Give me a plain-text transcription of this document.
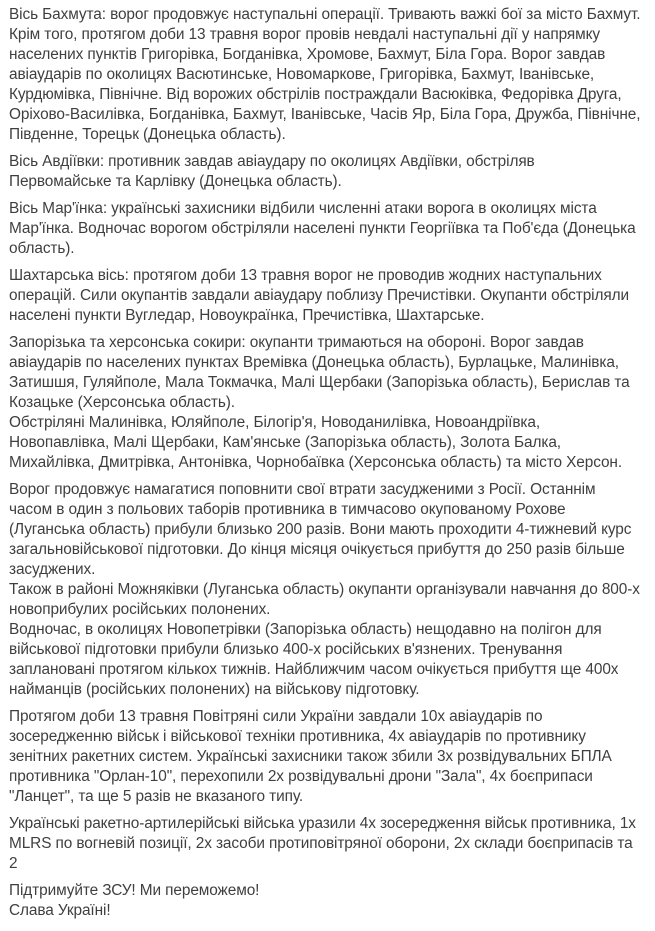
Вісь Бахмута: ворог продовжує наступальні операції. Тривають важкі бої за місто Бахмут. Крім того, протягом доби 13 травня ворог провів невдалі наступальні дії у напрямку населених пунктів Григорівка, Богданівка, Хромове, Бахмут, Біла Гора. Ворог завдав авіаударів по околицях Васютинське, Новомаркове, Григорівка, Бахмут, Іванівське, Курдюмівка, Північне. Від ворожих обстрілів постраждали Васюківка, Федорівка Друга, Оріхово-Василівка, Богданівка, Бахмут, Іванівське, Часів Яр, Біла Гора, Дружба, Північне, Південне, Торецьк (Донецька область).

Вісь Авдіївки: противник завдав авіаудару по околицях Авдіївки, обстріляв Первомайське та Карлівку (Донецька область).

Вісь Мар'їнка: українські захисники відбили численні атаки ворога в околицях міста Мар'їнка. Водночас ворогом обстріляли населені пункти Георгіївка та Поб'єда (Донецька область).

Шахтарська вісь: протягом доби 13 травня ворог не проводив жодних наступальних операцій. Сили окупантів завдали авіаудару поблизу Пречистівки. Окупанти обстріляли населені пункти Вугледар, Новоукраїнка, Пречистівка, Шахтарське.

Запорізька та херсонська сокири: окупанти тримаються на обороні. Ворог завдав авіаударів по населених пунктах Времівка (Донецька область), Бурлацьке, Малинівка, Затишшя, Гуляйполе, Мала Токмачка, Малі Щербаки (Запорізька область), Берислав та Козацьке (Херсонська область).

Обстріляні Малинівка, Юляйполе, Білогір'я, Новоданилівка, Новоандріївка, Новопавлівка, Малі Щербаки, Кам'янське (Запорізька область), Золота Балка, Михайлівка, Дмитрівка, Антонівка, Чорнобаївка (Херсонська область) та місто Херсон.

Ворог продовжує намагатися поповнити свої втрати засудженими з Росії. Останнім часом в один з польових таборів противника в тимчасово окупованому Рохове (Луганська область) прибули близько 200 разів. Вони мають проходити 4-тижневий курс загальновійськової підготовки. До кінця місяця очікується прибуття до 250 разів більше засуджених.

Також в районі Можняківки (Луганська область) окупанти організували навчання до 800-х новоприбулих російських полонених.

Водночас, в околицях Новопетрівки (Запорізька область) нещодавно на полігон для військової підготовки прибули близько 400-х російських в'язнених. Тренування заплановані протягом кількох тижнів. Найближчим часом очікується прибуття ще 400х найманців (російських полонених) на військову підготовку.

Протягом доби 13 травня Повітряні сили України завдали 10х авіаударів по зосередженню військ і військової техніки противника, 4х авіаударів по противнику зенітних ракетних систем. Українські захисники також збили 3х розвідувальних БПЛА противника "Орлан-10", перехопили 2х розвідувальні дрони "Зала", 4х боєприпаси "Ланцет", та ще 5 разів не вказаного типу.

Українські ракетно-артилерійські війська уразили 4х зосередження військ противника, 1х MLRS по вогневій позиції, 2х засоби протиповітряної оборони, 2х склади боєприпасів та 2

Підтримуйте ЗСУ! Ми переможемо!

Слава Україні!
